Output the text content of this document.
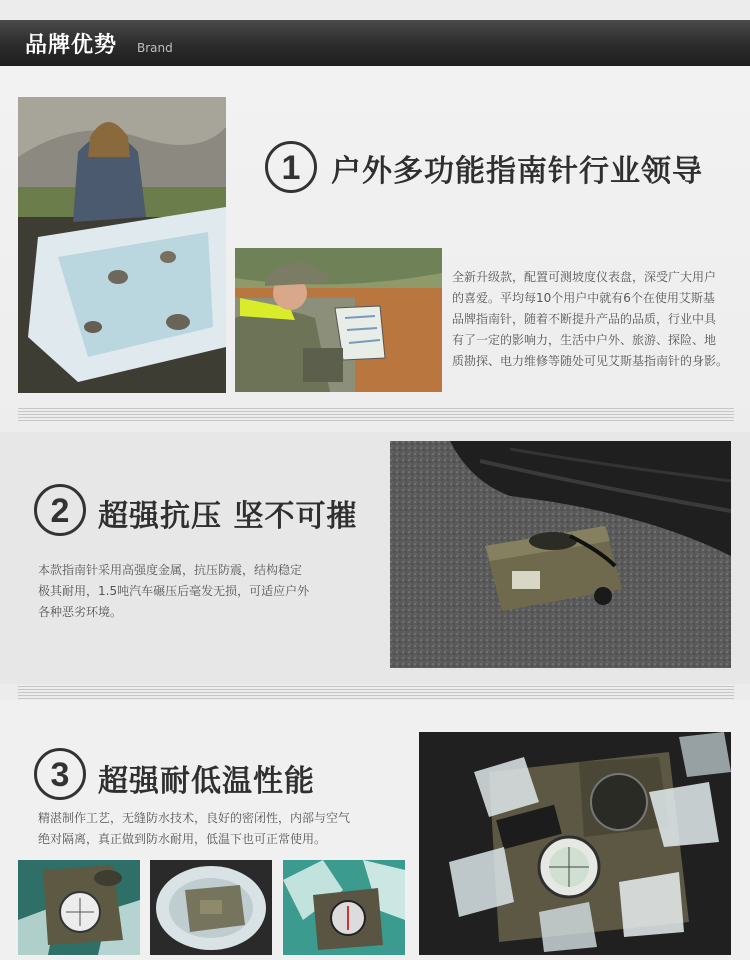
品牌优势 Brand
1	户外多功能指南针行业领导
全新升级款，配置可测坡度仪表盘，深受广大用户
的喜爱。平均每10个用户中就有6个在使用艾斯基
品牌指南针，随着不断提升产品的品质，行业中具
有了一定的影响力，生活中户外、旅游、探险、地
质勘探、电力维修等随处可见艾斯基指南针的身影。
2 超强抗压 坚不可摧
本款指南针采用高强度金属，抗压防震，结构稳定
极其耐用，1.5吨汽车碾压后毫发无损，可适应户外
各种恶劣环境。
3 超强耐低温性能
精湛制作工艺，无缝防水技术，良好的密闭性，内部与空气
绝对隔离，真正做到防水耐用，低温下也可正常使用。
